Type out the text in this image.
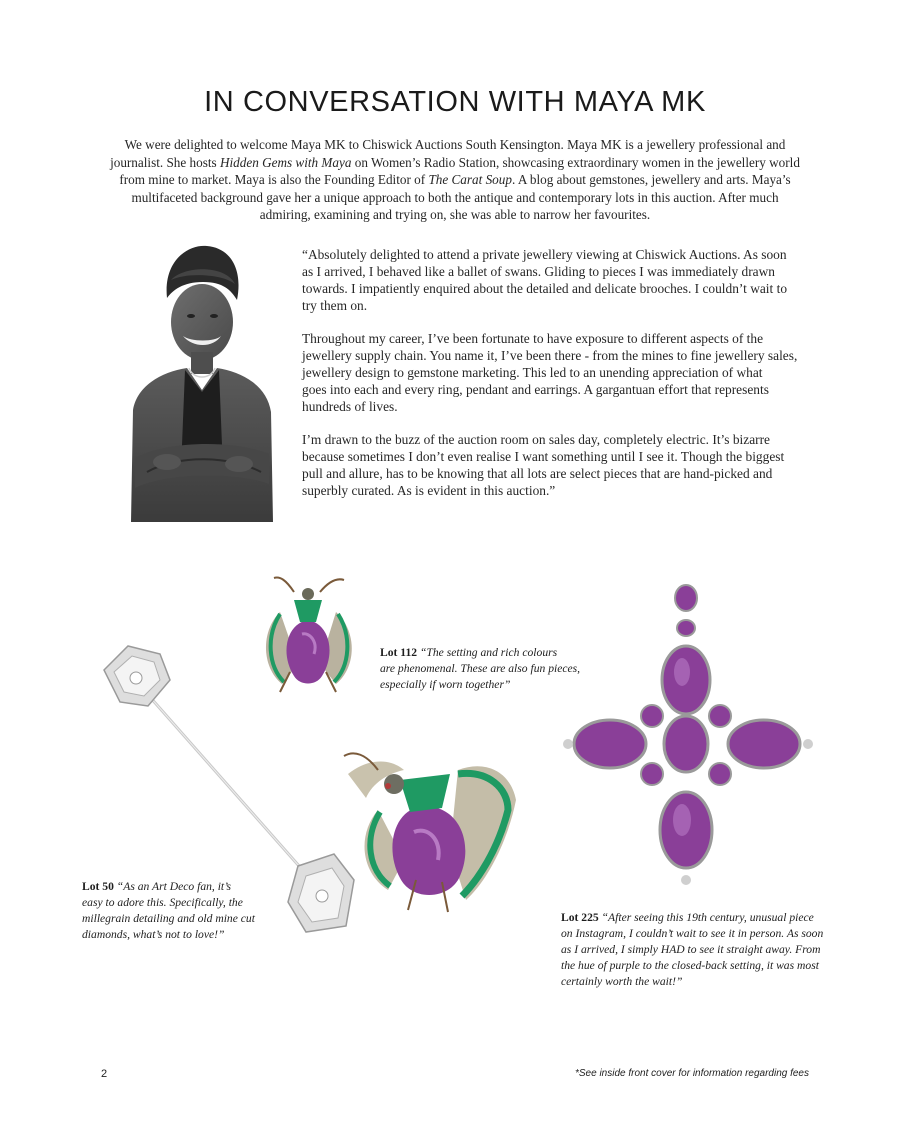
IN CONVERSATION WITH MAYA MK

We were delighted to welcome Maya MK to Chiswick Auctions South Kensington. Maya MK is a jewellery professional and
journalist. She hosts Hidden Gems with Maya on Women’s Radio Station, showcasing extraordinary women in the jewellery world
from mine to market. Maya is also the Founding Editor of The Carat Soup. A blog about gemstones, jewellery and arts. Maya’s
multifaceted background gave her a unique approach to both the antique and contemporary lots in this auction. After much
admiring, examining and trying on, she was able to narrow her favourites.

“Absolutely delighted to attend a private jewellery viewing at Chiswick Auctions. As soon
as I arrived, I behaved like a ballet of swans. Gliding to pieces I was immediately drawn
towards. I impatiently enquired about the detailed and delicate brooches. I couldn’t wait to
try them on.

Throughout my career, I’ve been fortunate to have exposure to different aspects of the
jewellery supply chain. You name it, I’ve been there - from the mines to fine jewellery sales,
jewellery design to gemstone marketing. This led to an unending appreciation of what
goes into each and every ring, pendant and earrings. A gargantuan effort that represents
hundreds of lives.

I’m drawn to the buzz of the auction room on sales day, completely electric. It’s bizarre
because sometimes I don’t even realise I want something until I see it. Though the biggest
pull and allure, has to be knowing that all lots are select pieces that are hand-picked and
superbly curated. As is evident in this auction.”

Lot 112 “The setting and rich colours
are phenomenal. These are also fun pieces,
especially if worn together”
Lot 50 “As an Art Deco fan, it’s
easy to adore this. Specifically, the
millegrain detailing and old mine cut
diamonds, what’s not to love!”
Lot 225 “After seeing this 19th century, unusual piece
on Instagram, I couldn’t wait to see it in person. As soon
as I arrived, I simply HAD to see it straight away. From
the hue of purple to the closed-back setting, it was most
certainly worth the wait!”
2	*See inside front cover for information regarding fees
